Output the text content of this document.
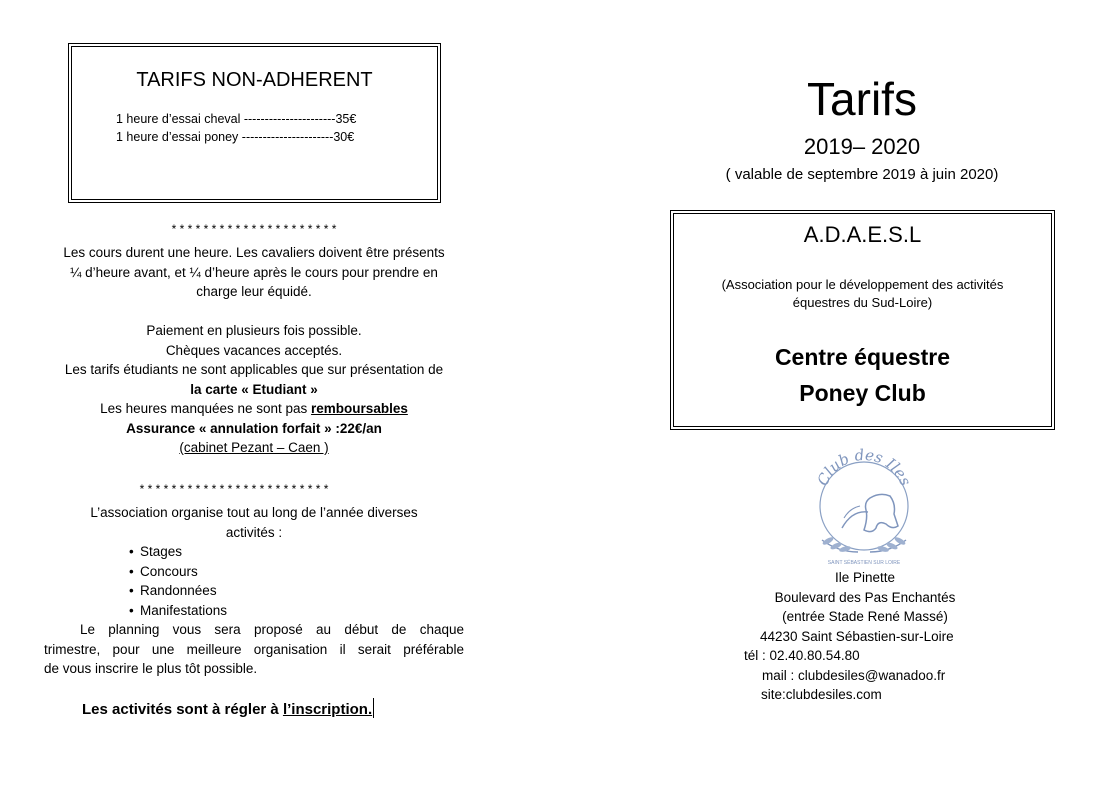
TARIFS NON-ADHERENT
1 heure d’essai cheval ----------------------35€
1 heure d’essai poney ----------------------30€
* * * * * * * * * * * * * * * * * * * * *
Les cours durent une heure. Les cavaliers doivent être présents
¼ d’heure avant, et ¼ d’heure après le cours pour prendre en
charge leur équidé.
Paiement en plusieurs fois possible.
Chèques vacances acceptés.
Les tarifs étudiants ne sont applicables que sur présentation de
la carte « Etudiant »
Les heures manquées ne sont pas remboursables
Assurance « annulation forfait » :22€/an
(cabinet Pezant – Caen )
* * * * * * * * * * * * * * * * * * * * * * * *
L’association organise tout au long de l’année diverses
activités :
• Stages
• Concours
• Randonnées
• Manifestations
Le planning vous sera proposé au début de chaque
trimestre, pour une meilleure organisation il serait préférable
de vous inscrire le plus tôt possible.
Les activités sont à régler à l’inscription.
Tarifs
2019– 2020
( valable de septembre 2019 à juin 2020)
A.D.A.E.S.L
(Association pour le développement des activités
équestres du Sud-Loire)
Centre équestre
Poney Club
Club des Iles
SAINT SÉBASTIEN SUR LOIRE
Ile Pinette
Boulevard des Pas Enchantés
(entrée Stade René Massé)
44230 Saint Sébastien-sur-Loire
tél : 02.40.80.54.80
mail : clubdesiles@wanadoo.fr
site:clubdesiles.com
